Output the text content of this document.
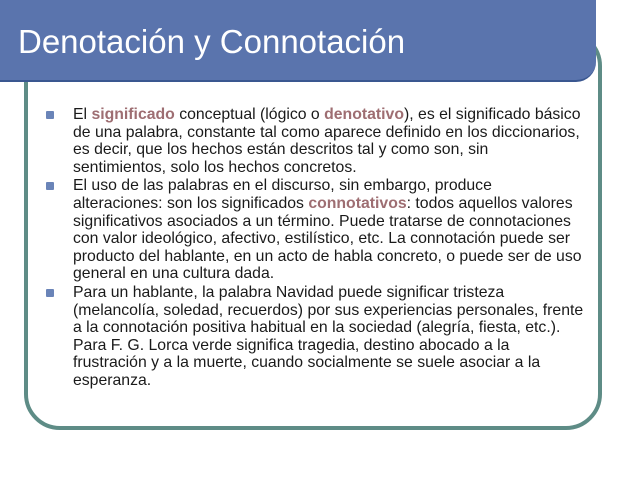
Denotación y Connotación
El significado conceptual (lógico o denotativo), es el significado básico de una palabra, constante tal como aparece definido en los diccionarios, es decir, que los hechos están descritos tal y como son, sin sentimientos, solo los hechos concretos.
El uso de las palabras en el discurso, sin embargo, produce alteraciones: son los significados connotativos: todos aquellos valores significativos asociados a un término. Puede tratarse de connotaciones con valor ideológico, afectivo, estilístico, etc. La connotación puede ser producto del hablante, en un acto de habla concreto, o puede ser de uso general en una cultura dada.
Para un hablante, la palabra Navidad puede significar tristeza (melancolía, soledad, recuerdos) por sus experiencias personales, frente a la connotación positiva habitual en la sociedad (alegría, fiesta, etc.). Para F. G. Lorca verde significa tragedia, destino abocado a la frustración y a la muerte, cuando socialmente se suele asociar a la esperanza.
